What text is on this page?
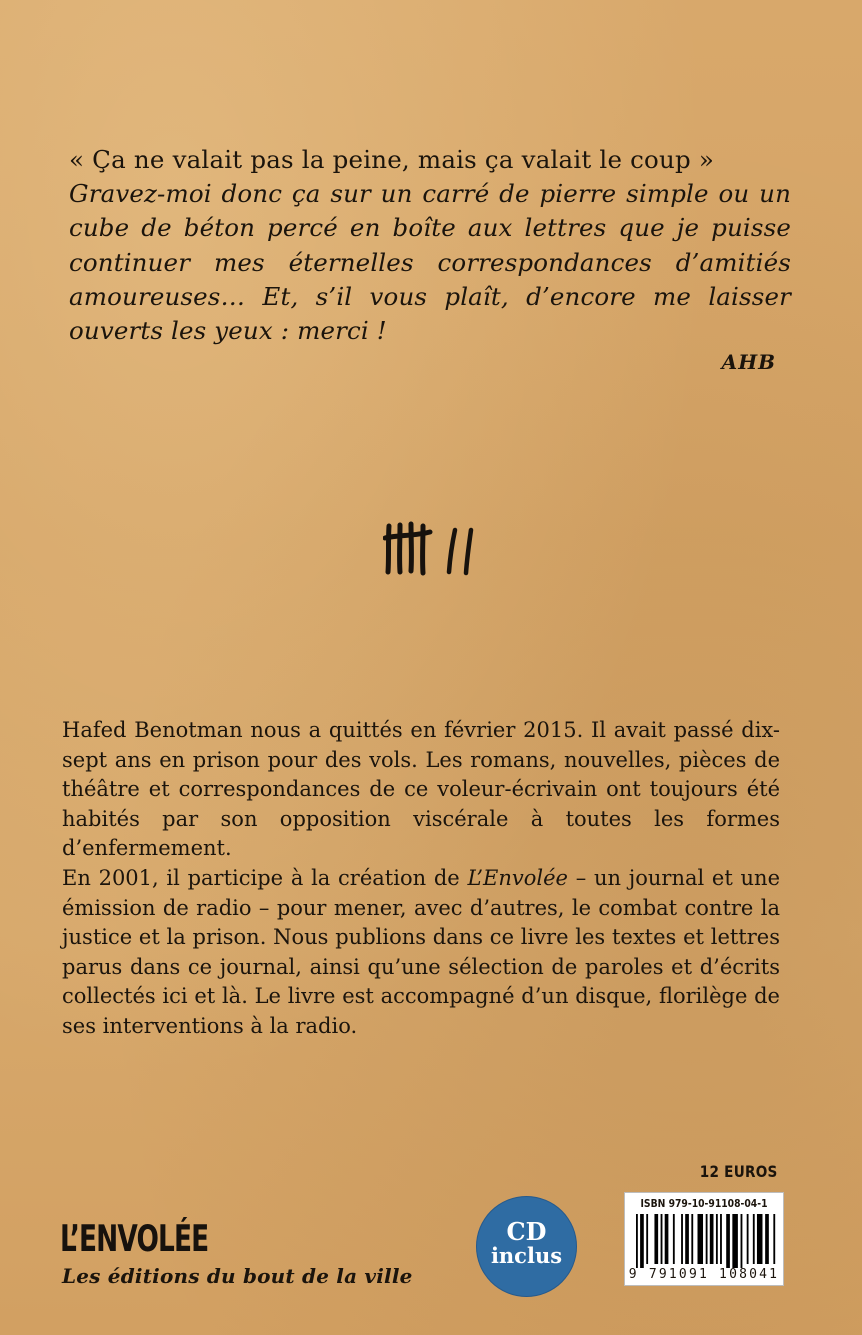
« Ça ne valait pas la peine, mais ça valait le coup »
Gravez-moi donc ça sur un carré de pierre simple ou un cube de béton percé en boîte aux lettres que je puisse continuer mes éternelles correspondances d’amitiés amoureuses… Et, s’il vous plaît, d’encore me laisser ouverts les yeux : merci !
AHB

Hafed Benotman nous a quittés en février 2015. Il avait passé dix-sept ans en prison pour des vols. Les romans, nouvelles, pièces de théâtre et correspondances de ce voleur-écrivain ont toujours été habités par son opposition viscérale à toutes les formes d’enfermement.

En 2001, il participe à la création de L’Envolée – un journal et une émission de radio – pour mener, avec d’autres, le combat contre la justice et la prison. Nous publions dans ce livre les textes et lettres parus dans ce journal, ainsi qu’une sélection de paroles et d’écrits collectés ici et là. Le livre est accompagné d’un disque, florilège de ses interventions à la radio.

12 EUROS
ISBN 979-10-91108-04-1
9 791091 108041
CD
inclus
L’ENVOLÉE
Les éditions du bout de la ville
